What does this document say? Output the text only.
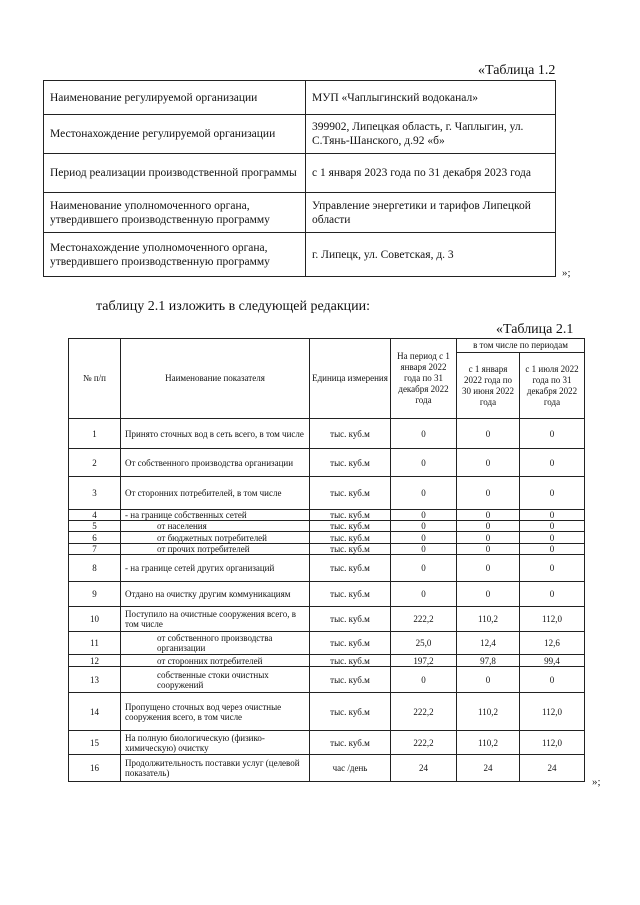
«Таблица 1.2
Наименование регулируемой организации	МУП «Чаплыгинский водоканал»
Местонахождение регулируемой организации	399902, Липецкая область, г. Чаплыгин, ул. С.Тянь-Шанского, д.92 «б»
Период реализации производственной программы	с 1 января 2023 года по 31 декабря 2023 года
Наименование уполномоченного органа, утвердившего производственную программу	Управление энергетики и тарифов Липецкой области
Местонахождение уполномоченного органа, утвердившего производственную программу	г. Липецк, ул. Советская, д. 3
»;
таблицу 2.1 изложить в следующей редакции:
«Таблица 2.1
№ п/п	Наименование показателя	Единица измерения	На период с 1 января 2022 года по 31 декабря 2022 года	в том числе по периодам	
				с 1 января 2022 года по 30 июня 2022 года	с 1 июля 2022 года по 31 декабря 2022 года
1	Принято сточных вод в сеть всего, в том числе	тыс. куб.м	0	0	0
2	От собственного производства организации	тыс. куб.м	0	0	0
3	От сторонних потребителей, в том числе	тыс. куб.м	0	0	0
4	- на границе собственных сетей	тыс. куб.м	0	0	0
5	от населения	тыс. куб.м	0	0	0
6	от бюджетных потребителей	тыс. куб.м	0	0	0
7	от прочих потребителей	тыс. куб.м	0	0	0
8	- на границе сетей других организаций	тыс. куб.м	0	0	0
9	Отдано на очистку другим коммуникациям	тыс. куб.м	0	0	0
10	Поступило на очистные сооружения всего, в том числе	тыс. куб.м	222,2	110,2	112,0
11	от собственного производства организации	тыс. куб.м	25,0	12,4	12,6
12	от сторонних потребителей	тыс. куб.м	197,2	97,8	99,4
13	собственные стоки очистных сооружений	тыс. куб.м	0	0	0
14	Пропущено сточных вод через очистные сооружения всего, в том числе	тыс. куб.м	222,2	110,2	112,0
15	На полную биологическую (физико-химическую) очистку	тыс. куб.м	222,2	110,2	112,0
16	Продолжительность поставки услуг (целевой показатель)	час /день	24	24	24
»;
